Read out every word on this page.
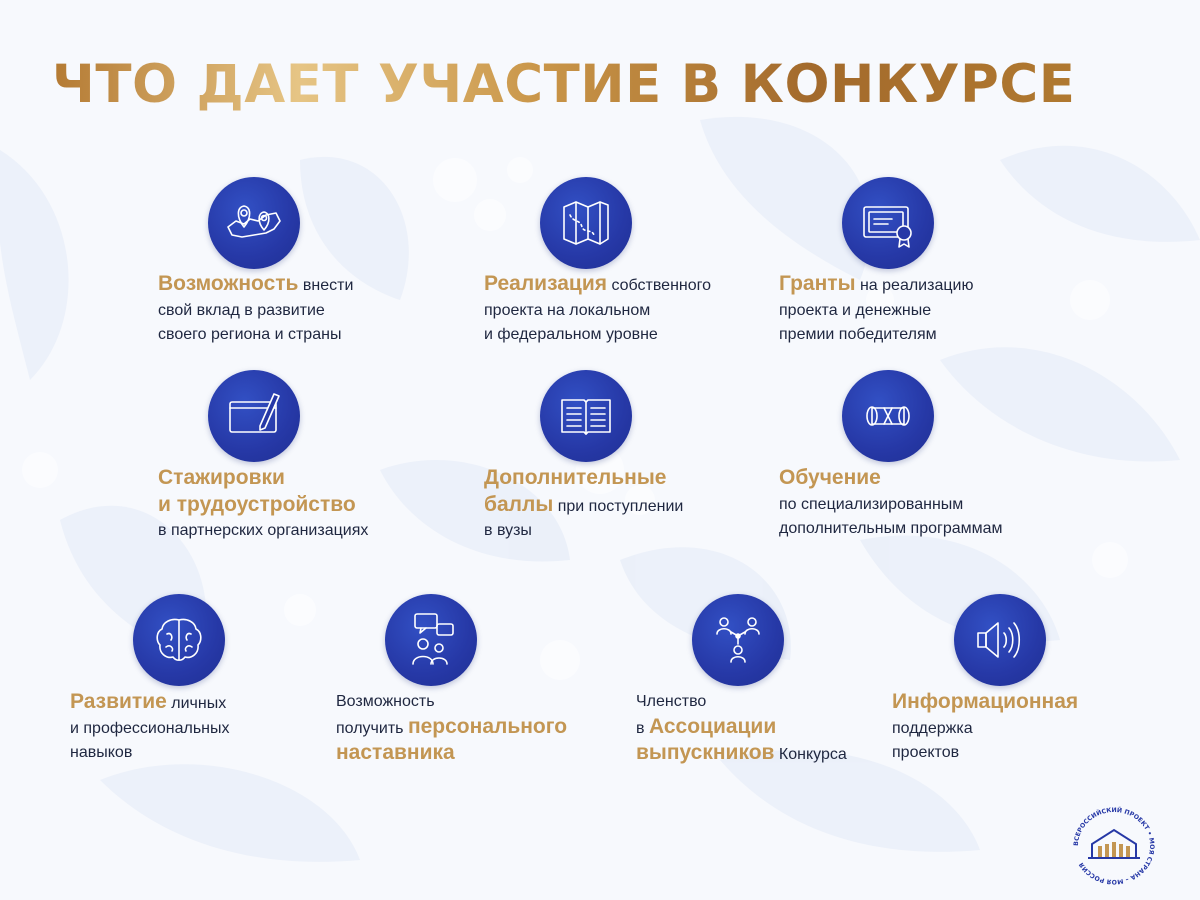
ЧТО ДАЕТ УЧАСТИЕ В КОНКУРСЕ
Возможность внести
свой вклад в развитие
своего региона и страны
Реализация собственного
проекта на локальном
и федеральном уровне
Гранты на реализацию
проекта и денежные
премии победителям
Стажировки
и трудоустройство
в партнерских организациях
Дополнительные
баллы при поступлении
в вузы
Обучение
по специализированным
дополнительным программам
Развитие личных
и профессиональных
навыков
Возможность
получить персонального
наставника
Членство
в Ассоциации
выпускников Конкурса
Информационная
поддержка
проектов
ВСЕРОССИЙСКИЙ ПРОЕКТ • МОЯ СТРАНА – МОЯ РОССИЯ
